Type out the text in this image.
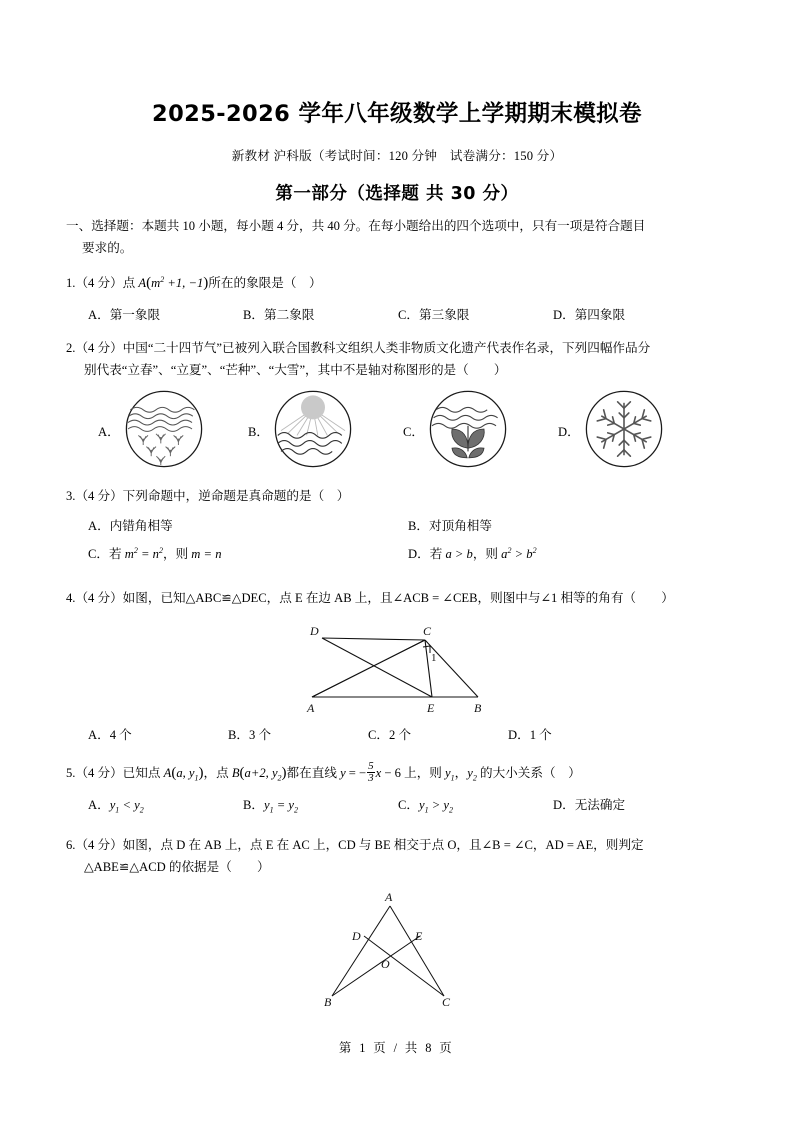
2025-2026 学年八年级数学上学期期末模拟卷
新教材 沪科版（考试时间：120 分钟　试卷满分：150 分）
第一部分（选择题 共 30 分）
一、选择题：本题共 10 小题，每小题 4 分，共 40 分。在每小题给出的四个选项中，只有一项是符合题目
要求的。
1.（4 分）点 $A(m^2 +1$, −1)所在的象限是（　）
A．第一象限	B．第二象限	C．第三象限	D．第四象限
2.（4 分）中国“二十四节气”已被列入联合国教科文组织人类非物质文化遗产代表作名录，下列四幅作品分
别代表“立春”、“立夏”、“芒种”、“大雪”，其中不是轴对称图形的是（　　）
A．	B．	C．	D．
3.（4 分）下列命题中，逆命题是真命题的是（　）
A．内错角相等	B．对顶角相等
C．若 $m^2 = n^2$，则 m = n	D．若 a > b，则 $a^2 > b^2$
4.（4 分）如图，已知△ABC≌△DEC，点 E 在边 AB 上，且∠ACB = ∠CEB，则图中与∠1 相等的角有（　　）
A	B
C
D
E
1
A．4 个	B．3 个	C．2 个	D．1 个
5.（4 分）已知点 A(a, $y_1$)，点 B(a+2, $y_2$)都在直线 y = − $\frac{5}{3}$ x − 6 上，则 $y_1$，$y_2$ 的大小关系（　）
A．$y_1 < y_2$	B．$y_1 = y_2$	C．$y_1 > y_2$	D．无法确定
6.（4 分）如图，点 D 在 AB 上，点 E 在 AC 上，CD 与 BE 相交于点 O，且∠B = ∠C，AD = AE，则判定
△ABE≌△ACD 的依据是（　　）
A
D	E
O
B	C
第 1 页 / 共 8 页
